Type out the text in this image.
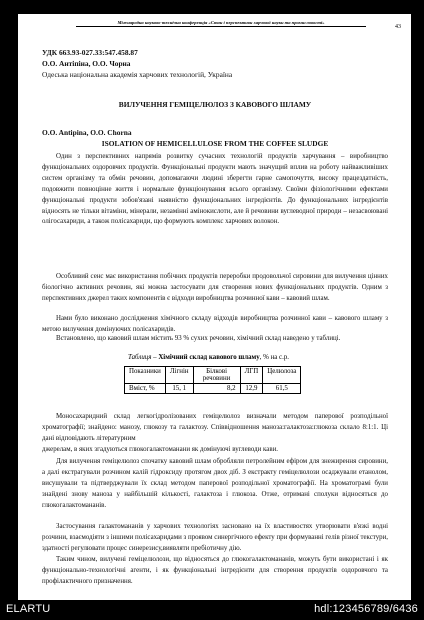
Міжнародна науково-технічна конференція «Стан і перспективи харчової науки та промисловості»
43
УДК 663.93-027.33:547.458.87
О.О. Антіпіна, О.О. Чорна
Одеська національна академія харчових технологій, Україна
ВИЛУЧЕННЯ ГЕМІЦЕЛЮЛОЗ З КАВОВОГО ШЛАМУ
O.O. Antipina, O.O. Chorna
ISOLATION OF HEMICELLULOSE FROM THE COFFEE SLUDGE
Один з перспективних напрямів розвитку сучасних технологій продуктів харчування – виробництво функціональних оздоровчих продуктів. Функціональні продукти мають значущий вплив на роботу найважливіших систем організму та обмін речовин, допомагаючи людині зберегти гарне самопочуття, високу працездатність, подовжити повноцінне життя і нормальне функціонування всього організму. Своїми фізіологічними ефектами функціональні продукти зобов'язані наявністю функціональних інгредієнтів. До функціональних інгредієнтів відносять не тільки вітаміни, мінерали, незамінні амінокислоти, але й речовини вуглеводної природи – незасвоювані олігосахариди, а також полісахариди, що формують комплекс харчових волокон.
Особливий сенс має використання побічних продуктів переробки продовольчої сировини для вилучення цінних біологічно активних речовин, які можна застосувати для створення нових функціональних продуктів. Одним з перспективних джерел таких компонентів є відходи виробництва розчинної кави – кавовий шлам.
Нами було виконано дослідження хімічного складу відходів виробництва розчинної кави – кавового шламу з метою вилучення домінуючих полісахаридів.
Встановлено, що кавовий шлам містить 93 % сухих речовин, хімічний склад наведено у таблиці.
Таблиця – Хімічний склад кавового шламу, % на с.р.
Показники	Лігнін	Білкові речовини	ЛГП	Целюлоза
Вміст, %	15, 1	8,2	12,9	61,5
Моносахаридний склад легкогідролізованих геміцелюлоз визначали методом паперової розподільної хроматографії; знайдено: манозу, глюкозу та галактозу. Співвідношення манозa:галактоза:глюкоза склало 8:1:1. Ці дані відповідають літературним
джерелам, в яких згадуються глюкогалактоманани як домінуючі вуглеводи кави.
Для вилучення геміцелюлоз спочатку кавовий шлам обробляли петролейним ефіром для знежирення сировини, а далі екстрагували розчином калій гідроксиду протягом двох діб. З екстракту геміцелюлози осаджували етанолом, висушували та підтверджували їх склад методом паперової розподільної хроматографії. На хроматограмі були знайдені знову маноза у найбільшій кількості, галактоза і глюкоза. Отже, отримані сполуки відносяться до глюкогалактомананів.
Застосування галактомананів у харчових технологіях засновано на їх властивостях утворювати в'язкі водні розчини, взаємодіяти з іншими полісахаридами з проявом синергічного ефекту при формуванні гелів різної текстури, здатності регулювати процес синерезису,виявляти пребіотичну дію.
Таким чином, вилучені геміцелюлози, що відносяться до глюкогалактомананів, можуть бути використані і як функціонально-технологічні агенти, і як функціональні інгредієнти для створення продуктів оздоровчого та профілактичного призначення.
ELARTU	hdl:123456789/6436
